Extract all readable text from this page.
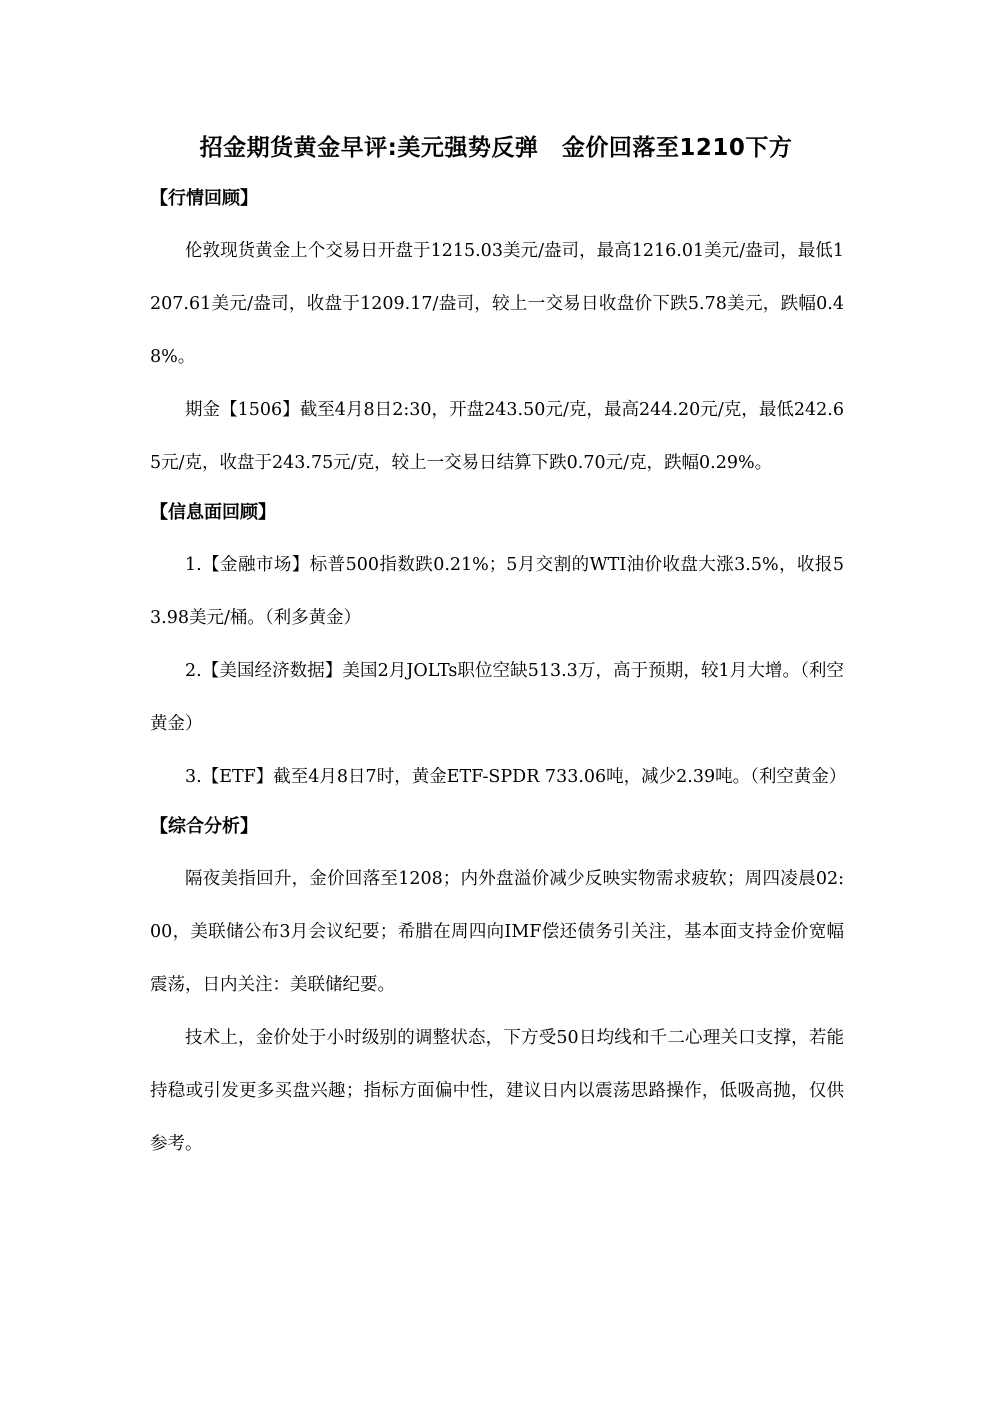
招金期货黄金早评:美元强势反弹　金价回落至1210下方
【行情回顾】

伦敦现货黄金上个交易日开盘于1215.03美元/盎司，最高1216.01美元/盎司，最低1207.61美元/盎司，收盘于1209.17/盎司，较上一交易日收盘价下跌5.78美元，跌幅0.48%。

期金【1506】截至4月8日2:30，开盘243.50元/克，最高244.20元/克，最低242.65元/克，收盘于243.75元/克，较上一交易日结算下跌0.70元/克，跌幅0.29%。

【信息面回顾】

1.【金融市场】标普500指数跌0.21%；5月交割的WTI油价收盘大涨3.5%，收报53.98美元/桶。（利多黄金）

2.【美国经济数据】美国2月JOLTs职位空缺513.3万，高于预期，较1月大增。（利空黄金）

3.【ETF】截至4月8日7时，黄金ETF-SPDR 733.06吨，减少2.39吨。（利空黄金）

【综合分析】

隔夜美指回升，金价回落至1208；内外盘溢价减少反映实物需求疲软；周四凌晨02:00，美联储公布3月会议纪要；希腊在周四向IMF偿还债务引关注，基本面支持金价宽幅震荡，日内关注：美联储纪要。

技术上，金价处于小时级别的调整状态，下方受50日均线和千二心理关口支撑，若能持稳或引发更多买盘兴趣；指标方面偏中性，建议日内以震荡思路操作，低吸高抛，仅供参考。
